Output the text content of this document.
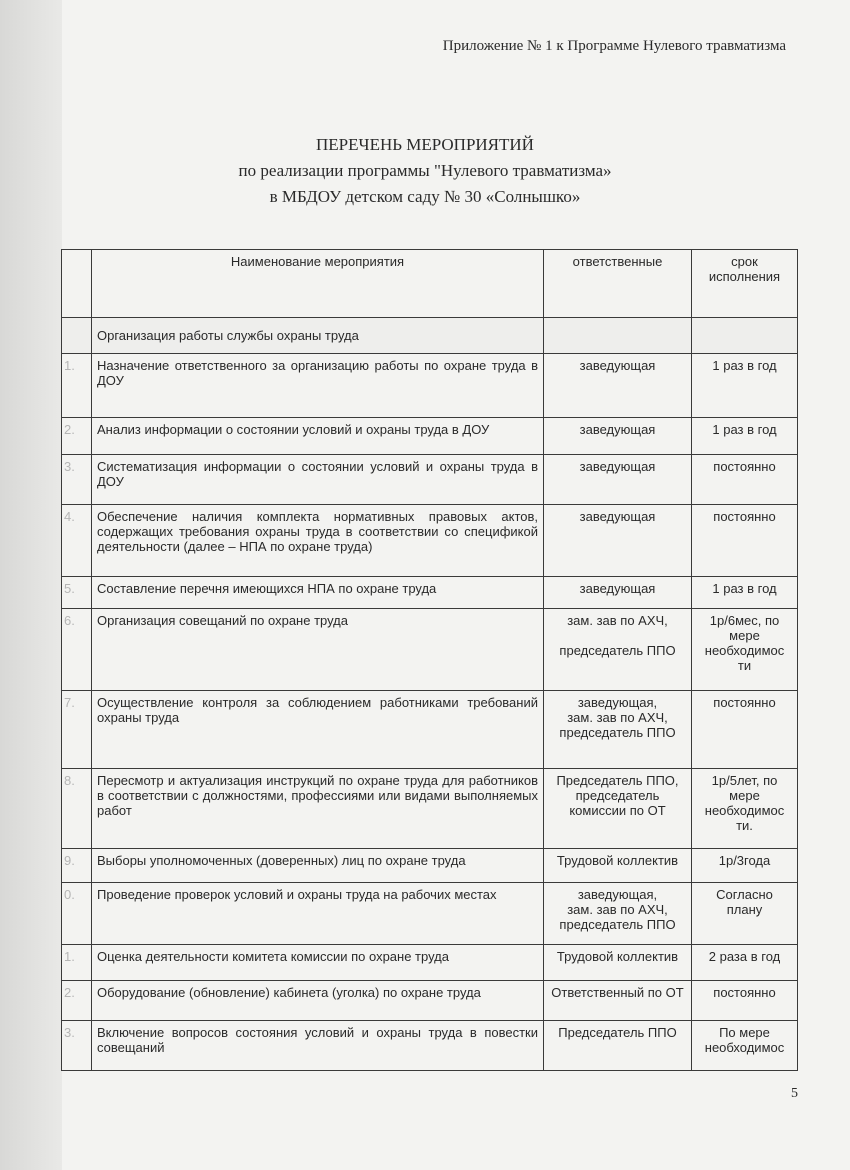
Приложение № 1 к Программе Нулевого травматизма
ПЕРЕЧЕНЬ МЕРОПРИЯТИЙ
по реализации программы "Нулевого травматизма»
в МБДОУ детском саду № 30 «Солнышко»
	Наименование мероприятия	ответственные	срок исполнения
	Организация работы службы охраны труда		
1.	Назначение ответственного за организацию работы по охране труда в ДОУ	заведующая	1 раз в год
2.	Анализ информации о состоянии условий и охраны труда в ДОУ	заведующая	1 раз в год
3.	Систематизация информации о состоянии условий и охраны труда в ДОУ	заведующая	постоянно
4.	Обеспечение наличия комплекта нормативных правовых актов, содержащих требования охраны труда в соответствии со спецификой деятельности (далее – НПА по охране труда)	заведующая	постоянно
5.	Составление перечня имеющихся НПА по охране труда	заведующая	1 раз в год
6.	Организация совещаний по охране труда	зам. зав по АХЧ,

председатель ППО	1р/6мес, по мере необходимос ти
7.	Осуществление контроля за соблюдением работниками требований охраны труда	заведующая,
зам. зав по АХЧ,
председатель ППО	постоянно
8.	Пересмотр и актуализация инструкций по охране труда для работников в соответствии с должностями, профессиями или видами выполняемых работ	Председатель ППО,
председатель
комиссии по ОТ	1р/5лет, по мере необходимос ти.
9.	Выборы уполномоченных (доверенных) лиц по охране труда	Трудовой коллектив	1р/3года
0.	Проведение проверок условий и охраны труда на рабочих местах	заведующая,
зам. зав по АХЧ,
председатель ППО	Согласно плану
1.	Оценка деятельности комитета комиссии по охране труда	Трудовой коллектив	2 раза в год
2.	Оборудование (обновление) кабинета (уголка) по охране труда	Ответственный по ОТ	постоянно
3.	Включение вопросов состояния условий и охраны труда в повестки совещаний	Председатель ППО	По мере необходимос
5
